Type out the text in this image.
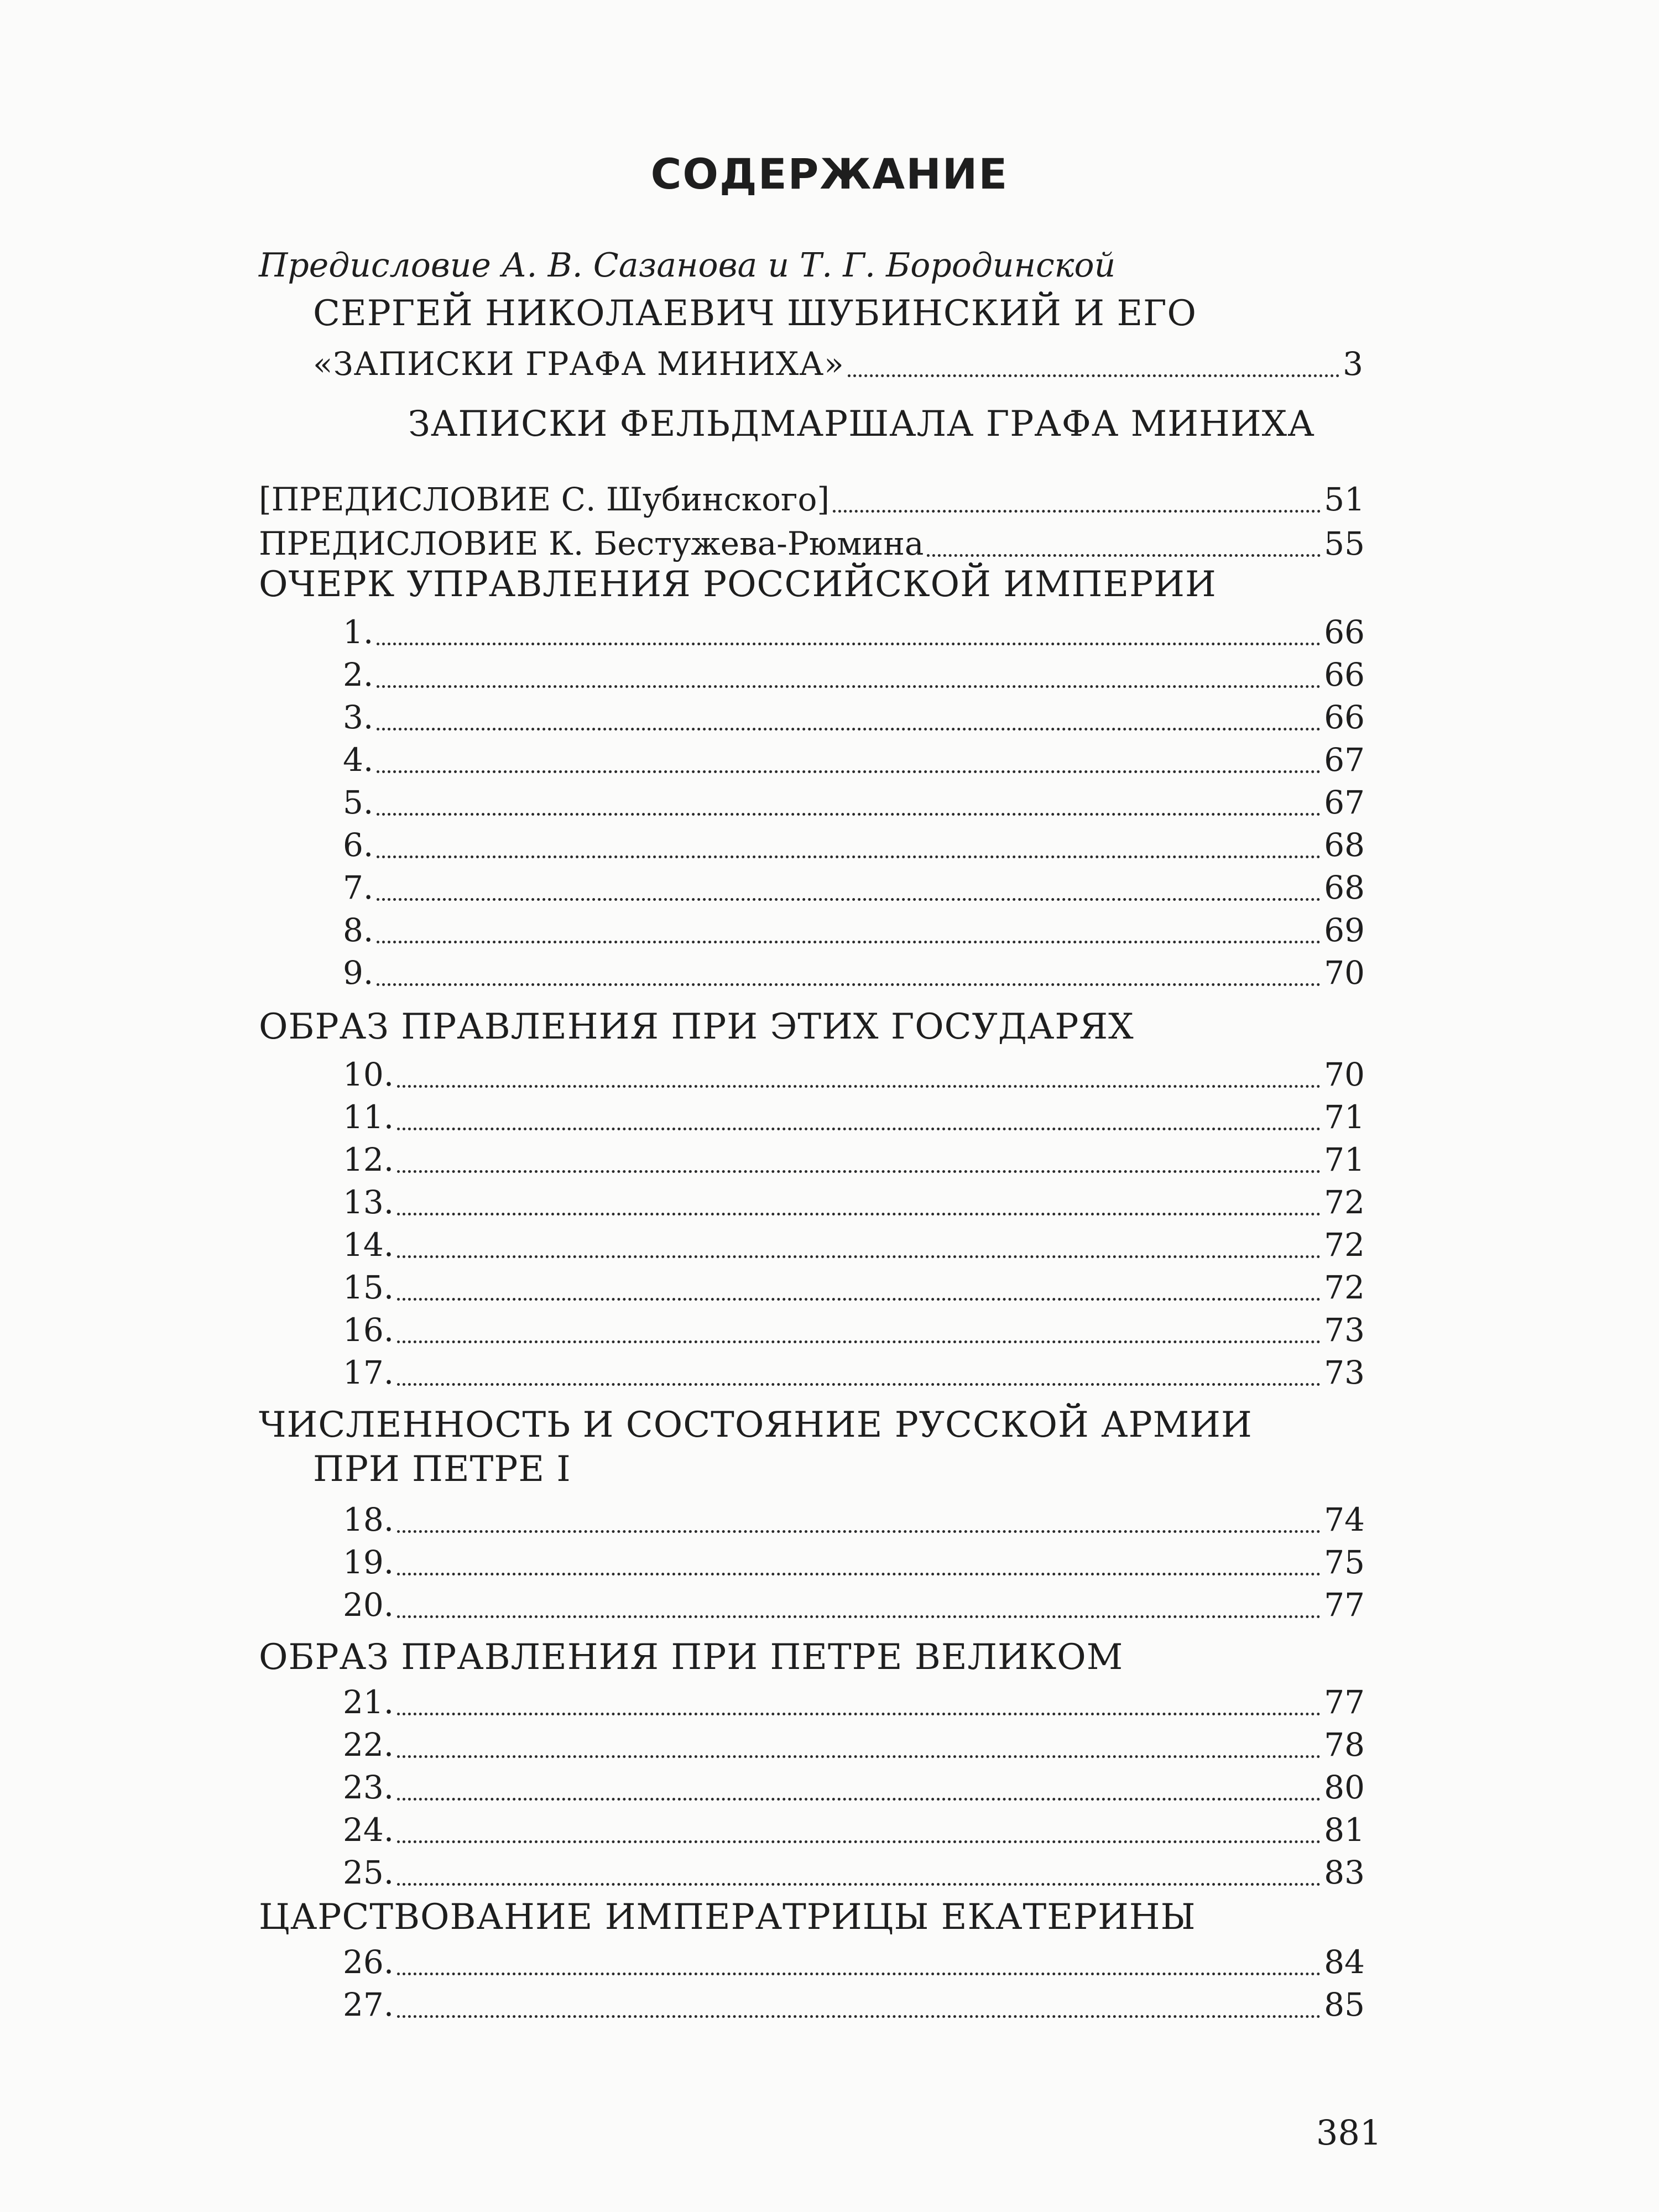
СОДЕРЖАНИЕ
Предисловие А. В. Сазанова и Т. Г. Бородинской
СЕРГЕЙ НИКОЛАЕВИЧ ШУБИНСКИЙ И ЕГО
«ЗАПИСКИ ГРАФА МИНИХА»	3
ЗАПИСКИ ФЕЛЬДМАРШАЛА ГРАФА МИНИХА
[ПРЕДИСЛОВИЕ С. Шубинского]	51
ПРЕДИСЛОВИЕ К. Бестужева-Рюмина	55
ОЧЕРК УПРАВЛЕНИЯ РОССИЙСКОЙ ИМПЕРИИ
1.	66
2.	66
3.	66
4.	67
5.	67
6.	68
7.	68
8.	69
9.	70
ОБРАЗ ПРАВЛЕНИЯ ПРИ ЭТИХ ГОСУДАРЯХ
10.	70
11.	71
12.	71
13.	72
14.	72
15.	72
16.	73
17.	73
ЧИСЛЕННОСТЬ И СОСТОЯНИЕ РУССКОЙ АРМИИ
ПРИ ПЕТРЕ I
18.	74
19.	75
20.	77
ОБРАЗ ПРАВЛЕНИЯ ПРИ ПЕТРЕ ВЕЛИКОМ
21.	77
22.	78
23.	80
24.	81
25.	83
ЦАРСТВОВАНИЕ ИМПЕРАТРИЦЫ ЕКАТЕРИНЫ
26.	84
27.	85
381
